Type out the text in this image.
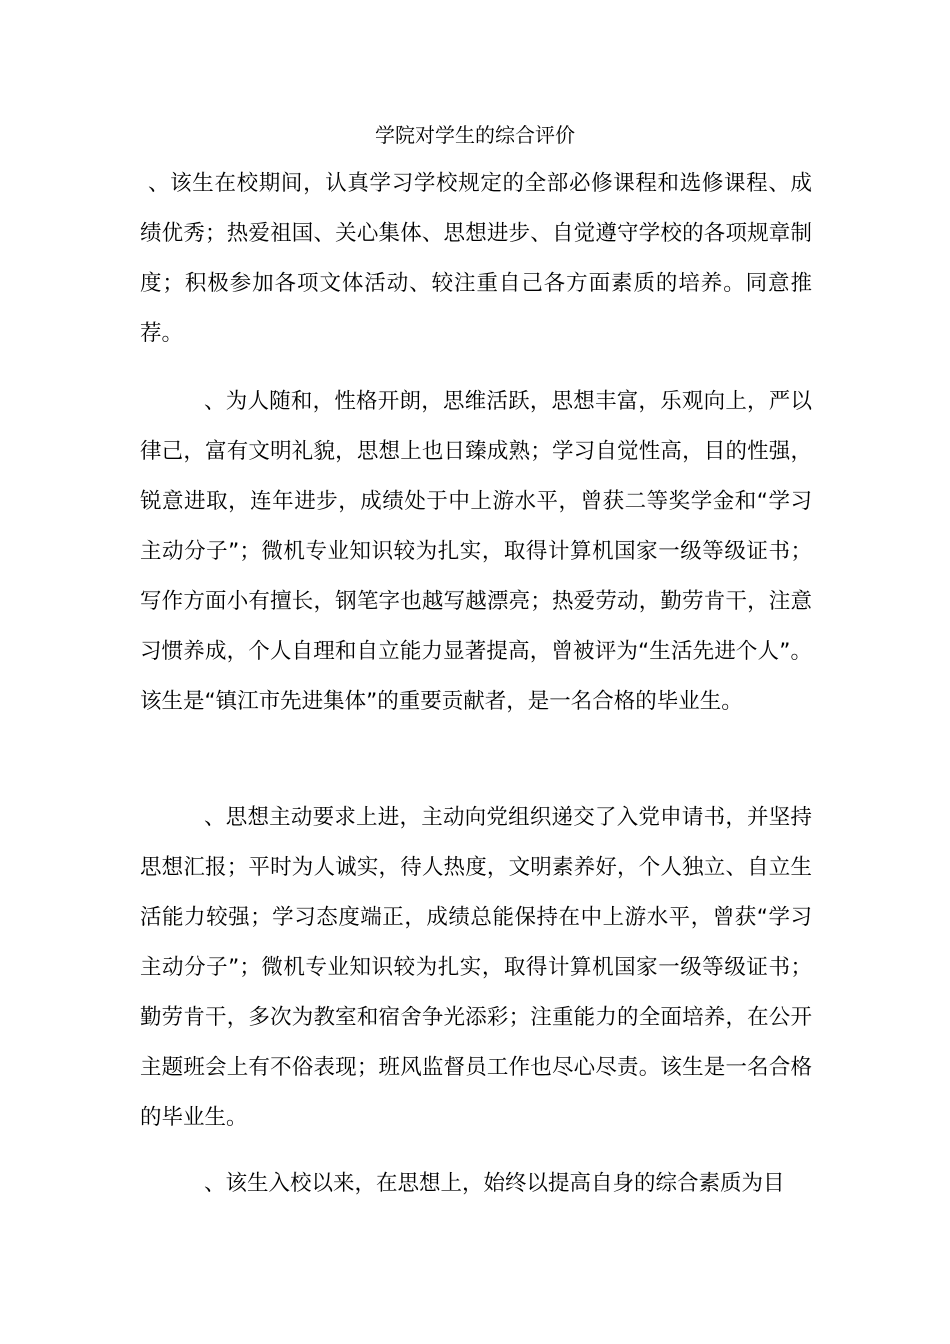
学院对学生的综合评价

、该生在校期间，认真学习学校规定的全部必修课程和选修课程、成绩优秀；热爱祖国、关心集体、思想进步、自觉遵守学校的各项规章制度；积极参加各项文体活动、较注重自己各方面素质的培养。同意推荐。

、为人随和，性格开朗，思维活跃，思想丰富，乐观向上，严以律己，富有文明礼貌，思想上也日臻成熟；学习自觉性高，目的性强，锐意进取，连年进步，成绩处于中上游水平，曾获二等奖学金和“学习主动分子”；微机专业知识较为扎实，取得计算机国家一级等级证书；写作方面小有擅长，钢笔字也越写越漂亮；热爱劳动，勤劳肯干，注意习惯养成，个人自理和自立能力显著提高，曾被评为“生活先进个人”。该生是“镇江市先进集体”的重要贡献者，是一名合格的毕业生。

、思想主动要求上进，主动向党组织递交了入党申请书，并坚持思想汇报；平时为人诚实，待人热度，文明素养好，个人独立、自立生活能力较强；学习态度端正，成绩总能保持在中上游水平，曾获“学习主动分子”；微机专业知识较为扎实，取得计算机国家一级等级证书；勤劳肯干，多次为教室和宿舍争光添彩；注重能力的全面培养，在公开主题班会上有不俗表现；班风监督员工作也尽心尽责。该生是一名合格的毕业生。

、该生入校以来，在思想上，始终以提高自身的综合素质为目
